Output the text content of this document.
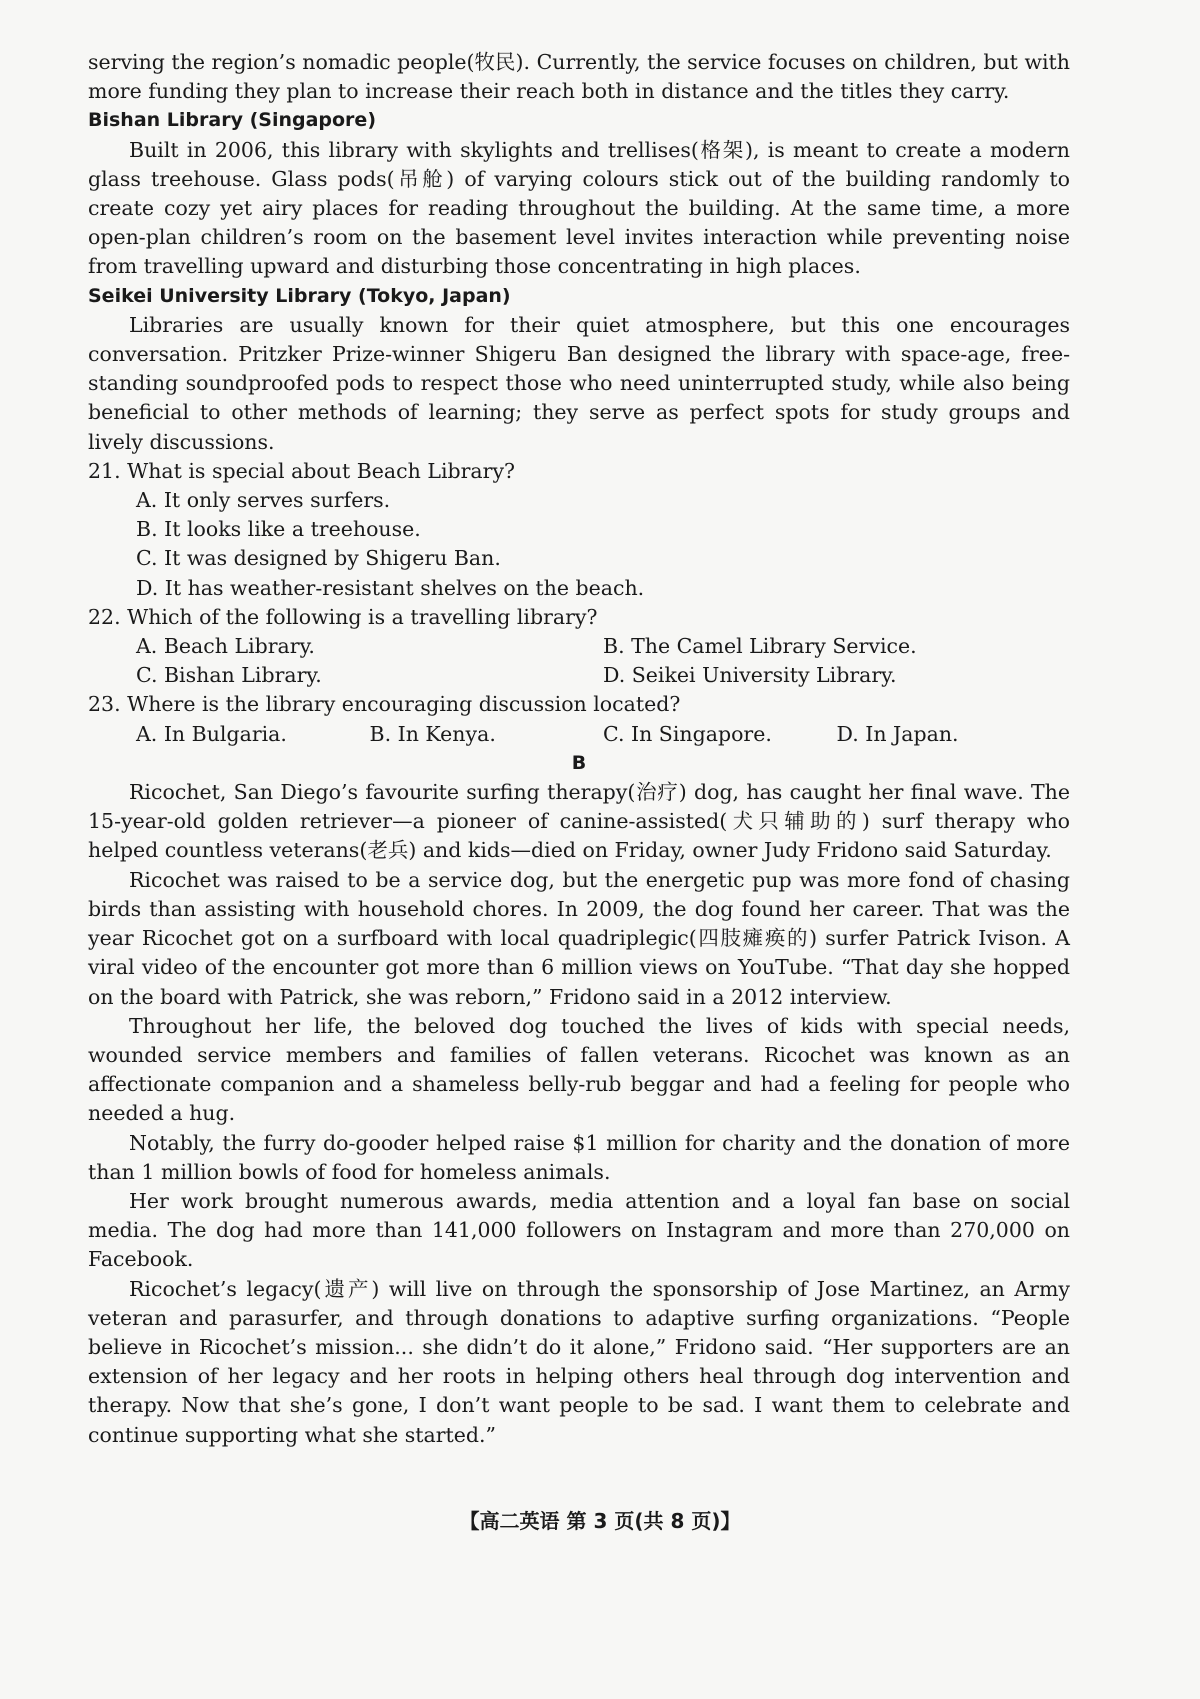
serving the region’s nomadic people(牧民). Currently, the service focuses on children, but with more funding they plan to increase their reach both in distance and the titles they carry.

Bishan Library (Singapore)

Built in 2006, this library with skylights and trellises(格架), is meant to create a modern glass treehouse. Glass pods(吊舱) of varying colours stick out of the building randomly to create cozy yet airy places for reading throughout the building. At the same time, a more open-plan children’s room on the basement level invites interaction while preventing noise from travelling upward and disturbing those concentrating in high places.

Seikei University Library (Tokyo, Japan)

Libraries are usually known for their quiet atmosphere, but this one encourages conversation. Pritzker Prize-winner Shigeru Ban designed the library with space-age, free-standing soundproofed pods to respect those who need uninterrupted study, while also being beneficial to other methods of learning; they serve as perfect spots for study groups and lively discussions.

21. What is special about Beach Library?

A. It only serves surfers.

B. It looks like a treehouse.

C. It was designed by Shigeru Ban.

D. It has weather-resistant shelves on the beach.

22. Which of the following is a travelling library?

A. Beach Library.	B. The Camel Library Service.
C. Bishan Library.	D. Seikei University Library.

23. Where is the library encouraging discussion located?

A. In Bulgaria.	B. In Kenya.	C. In Singapore.	D. In Japan.

B

Ricochet, San Diego’s favourite surfing therapy(治疗) dog, has caught her final wave. The 15-year-old golden retriever—a pioneer of canine-assisted(犬只辅助的) surf therapy who helped countless veterans(老兵) and kids—died on Friday, owner Judy Fridono said Saturday.

Ricochet was raised to be a service dog, but the energetic pup was more fond of chasing birds than assisting with household chores. In 2009, the dog found her career. That was the year Ricochet got on a surfboard with local quadriplegic(四肢瘫痪的) surfer Patrick Ivison. A viral video of the encounter got more than 6 million views on YouTube. “That day she hopped on the board with Patrick, she was reborn,” Fridono said in a 2012 interview.

Throughout her life, the beloved dog touched the lives of kids with special needs, wounded service members and families of fallen veterans. Ricochet was known as an affectionate companion and a shameless belly-rub beggar and had a feeling for people who needed a hug.

Notably, the furry do-gooder helped raise $1 million for charity and the donation of more than 1 million bowls of food for homeless animals.

Her work brought numerous awards, media attention and a loyal fan base on social media. The dog had more than 141,000 followers on Instagram and more than 270,000 on Facebook.

Ricochet’s legacy(遗产) will live on through the sponsorship of Jose Martinez, an Army veteran and parasurfer, and through donations to adaptive surfing organizations. “People believe in Ricochet’s mission... she didn’t do it alone,” Fridono said. “Her supporters are an extension of her legacy and her roots in helping others heal through dog intervention and therapy. Now that she’s gone, I don’t want people to be sad. I want them to celebrate and continue supporting what she started.”

【高二英语 第 3 页(共 8 页)】
